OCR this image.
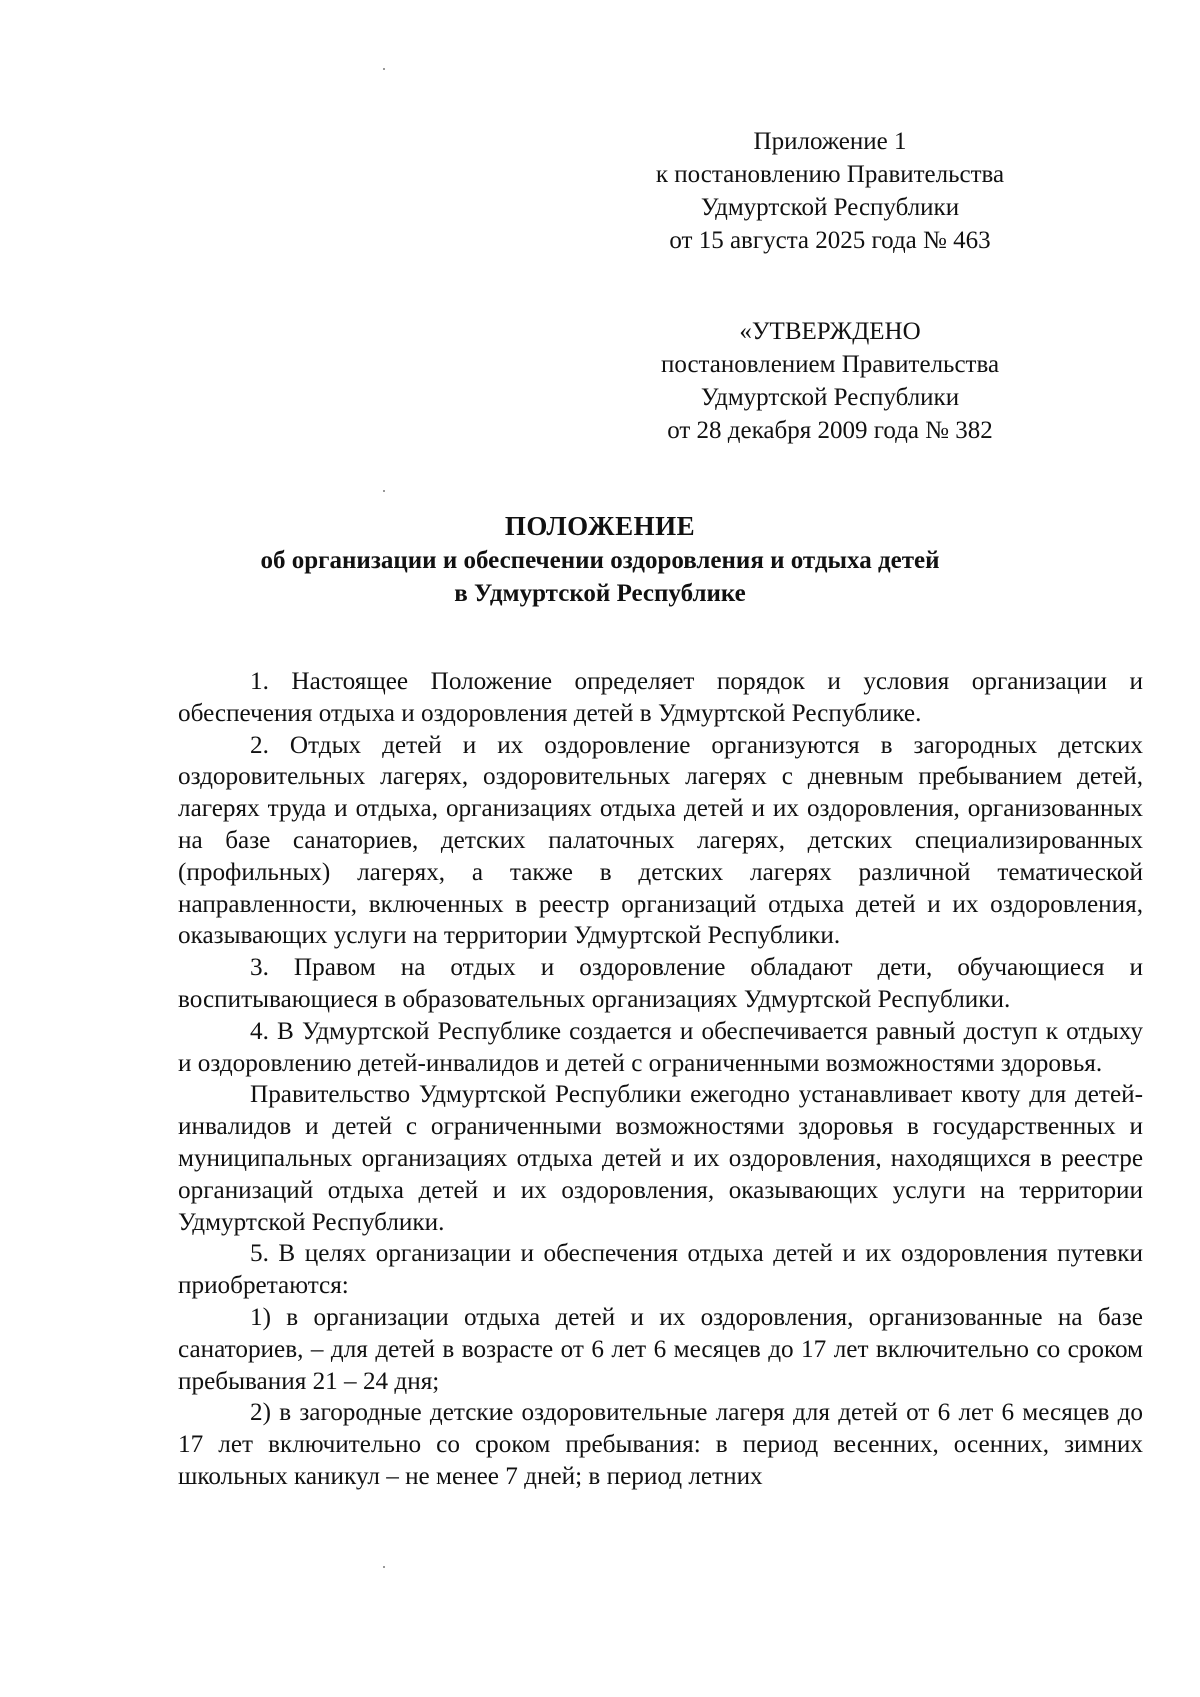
Приложение 1
к постановлению Правительства
Удмуртской Республики
от 15 августа 2025 года № 463
«УТВЕРЖДЕНО
постановлением Правительства
Удмуртской Республики
от 28 декабря 2009 года № 382
ПОЛОЖЕНИЕ
об организации и обеспечении оздоровления и отдыха детей
в Удмуртской Республике

1. Настоящее Положение определяет порядок и условия организации и обеспечения отдыха и оздоровления детей в Удмуртской Республике.

2. Отдых детей и их оздоровление организуются в загородных детских оздоровительных лагерях, оздоровительных лагерях с дневным пребыванием детей, лагерях труда и отдыха, организациях отдыха детей и их оздоровления, организованных на базе санаториев, детских палаточных лагерях, детских специализированных (профильных) лагерях, а также в детских лагерях различной тематической направленности, включенных в реестр организаций отдыха детей и их оздоровления, оказывающих услуги на территории Удмуртской Республики.

3. Правом на отдых и оздоровление обладают дети, обучающиеся и воспитывающиеся в образовательных организациях Удмуртской Республики.

4. В Удмуртской Республике создается и обеспечивается равный доступ к отдыху и оздоровлению детей-инвалидов и детей с ограниченными возможностями здоровья.

Правительство Удмуртской Республики ежегодно устанавливает квоту для детей-инвалидов и детей с ограниченными возможностями здоровья в государственных и муниципальных организациях отдыха детей и их оздоровления, находящихся в реестре организаций отдыха детей и их оздоровления, оказывающих услуги на территории Удмуртской Республики.

5. В целях организации и обеспечения отдыха детей и их оздоровления путевки приобретаются:

1) в организации отдыха детей и их оздоровления, организованные на базе санаториев, – для детей в возрасте от 6 лет 6 месяцев до 17 лет включительно со сроком пребывания 21 – 24 дня;

2) в загородные детские оздоровительные лагеря для детей от 6 лет 6 месяцев до 17 лет включительно со сроком пребывания: в период весенних, осенних, зимних школьных каникул – не менее 7 дней; в период летних
